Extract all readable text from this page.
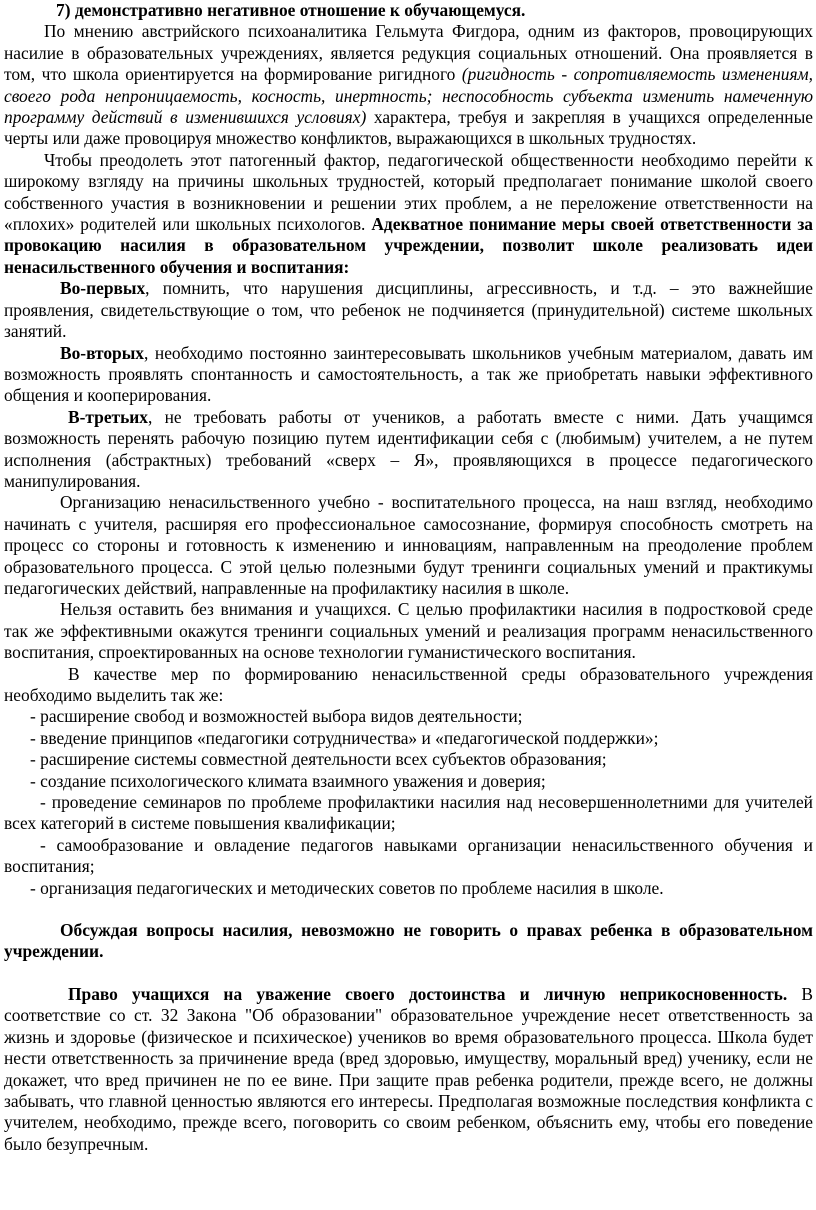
7) демонстративно негативное отношение к обучающемуся.

По мнению австрийского психоаналитика Гельмута Фигдора, одним из факторов, провоцирующих насилие в образовательных учреждениях, является редукция социальных отношений. Она проявляется в том, что школа ориентируется на формирование ригидного (ригидность - сопротивляемость изменениям, своего рода непроницаемость, косность, инертность; неспособность субъекта изменить намеченную программу действий в изменившихся условиях) характера, требуя и закрепляя в учащихся определенные черты или даже провоцируя множество конфликтов, выражающихся в школьных трудностях.

Чтобы преодолеть этот патогенный фактор, педагогической общественности необходимо перейти к широкому взгляду на причины школьных трудностей, который предполагает понимание школой своего собственного участия в возникновении и решении этих проблем, а не переложение ответственности на «плохих» родителей или школьных психологов. Адекватное понимание меры своей ответственности за провокацию насилия в образовательном учреждении, позволит школе реализовать идеи ненасильственного обучения и воспитания:

Во-первых, помнить, что нарушения дисциплины, агрессивность, и т.д. – это важнейшие проявления, свидетельствующие о том, что ребенок не подчиняется (принудительной) системе школьных занятий.

Во-вторых, необходимо постоянно заинтересовывать школьников учебным материалом, давать им возможность проявлять спонтанность и самостоятельность, а так же приобретать навыки эффективного общения и кооперирования.

В-третьих, не требовать работы от учеников, а работать вместе с ними. Дать учащимся возможность перенять рабочую позицию путем идентификации себя с (любимым) учителем, а не путем исполнения (абстрактных) требований «сверх – Я», проявляющихся в процессе педагогического манипулирования.

Организацию ненасильственного учебно - воспитательного процесса, на наш взгляд, необходимо начинать с учителя, расширяя его профессиональное самосознание, формируя способность смотреть на процесс со стороны и готовность к изменению и инновациям, направленным на преодоление проблем образовательного процесса. С этой целью полезными будут тренинги социальных умений и практикумы педагогических действий, направленные на профилактику насилия в школе.

Нельзя оставить без внимания и учащихся. С целью профилактики насилия в подростковой среде так же эффективными окажутся тренинги социальных умений и реализация программ ненасильственного воспитания, спроектированных на основе технологии гуманистического воспитания.

В качестве мер по формированию ненасильственной среды образовательного учреждения необходимо выделить так же:

- расширение свобод и возможностей выбора видов деятельности;

- введение принципов «педагогики сотрудничества» и «педагогической поддержки»;

- расширение системы совместной деятельности всех субъектов образования;

- создание психологического климата взаимного уважения и доверия;

- проведение семинаров по проблеме профилактики насилия над несовершеннолетними для учителей всех категорий в системе повышения квалификации;

- самообразование и овладение педагогов навыками организации ненасильственного обучения и воспитания;

- организация педагогических и методических советов по проблеме насилия в школе.

Обсуждая вопросы насилия, невозможно не говорить о правах ребенка в образовательном учреждении.

Право учащихся на уважение своего достоинства и личную неприкосновенность. В соответствие со ст. 32 Закона "Об образовании" образовательное учреждение несет ответственность за жизнь и здоровье (физическое и психическое) учеников во время образовательного процесса. Школа будет нести ответственность за причинение вреда (вред здоровью, имуществу, моральный вред) ученику, если не докажет, что вред причинен не по ее вине. При защите прав ребенка родители, прежде всего, не должны забывать, что главной ценностью являются его интересы. Предполагая возможные последствия конфликта с учителем, необходимо, прежде всего, поговорить со своим ребенком, объяснить ему, чтобы его поведение было безупречным.
